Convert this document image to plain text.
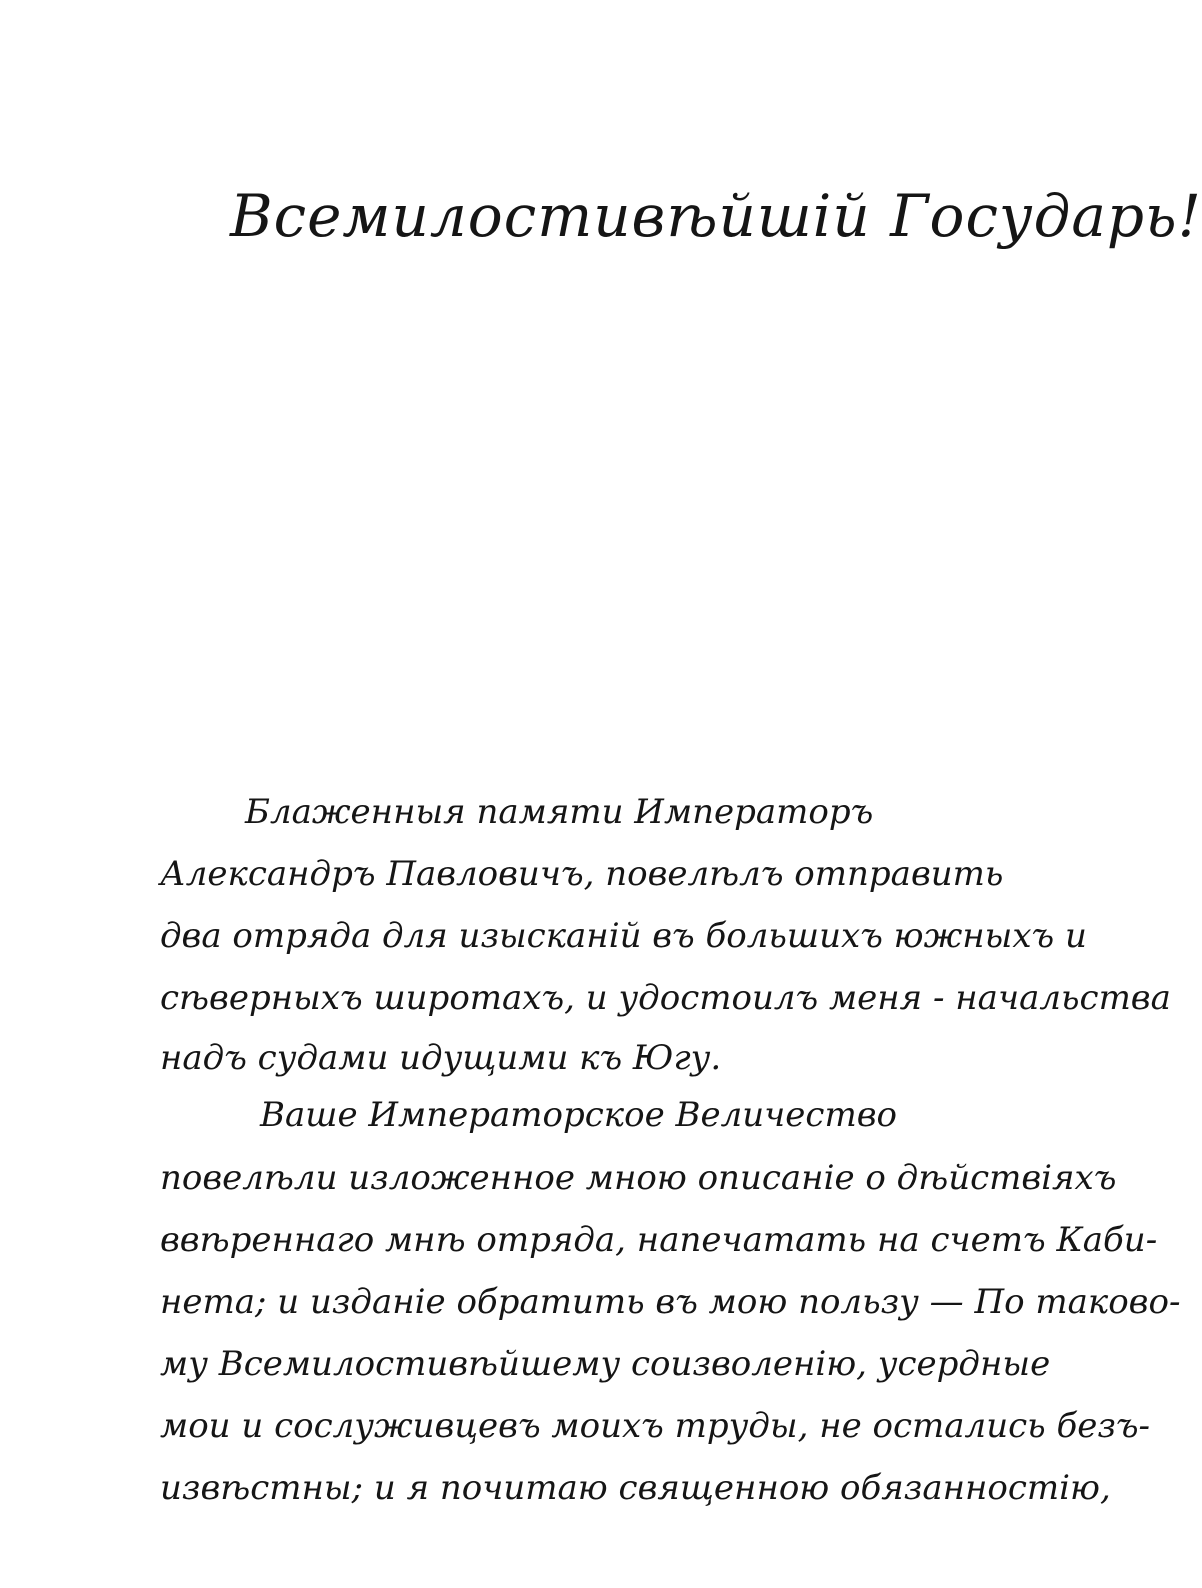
Всемилостивѣйшiй Государь!
Блаженныя памяти Императоръ
Александръ Павловичъ, повелѣлъ отправить
два отряда для изысканiй въ большихъ южныхъ и
сѣверныхъ широтахъ, и удостоилъ меня - начальства
надъ судами идущими къ Югу.
Ваше Императорское Величество
повелѣли изложенное мною описанiе о дѣйствiяхъ
ввѣреннаго мнѣ отряда, напечатать на счетъ Каби-
нета; и изданiе обратить въ мою пользу — По таково-
му Всемилостивѣйшему соизволенiю, усердные
мои и сослуживцевъ моихъ труды, не остались безъ-
извѣстны; и я почитаю священною обязанностiю,
